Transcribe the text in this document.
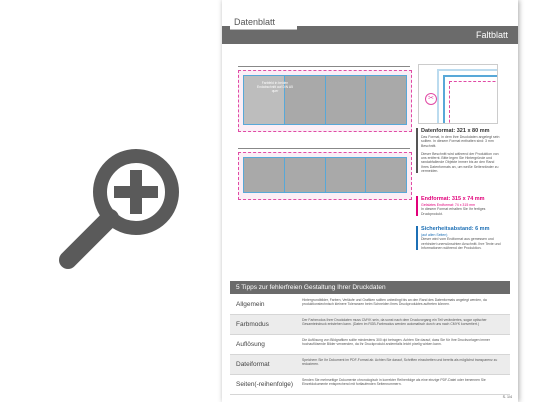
Datenblatt
Faltblatt
Farbfeld in beiden Endabschnitt auf DIN A5 quer
✂
Datenformat: 321 x 80 mm
Das Format, in dem Ihre Druckdaten angelegt sein sollten. In diesem Format enthalten sind: 3 mm Beschnitt.
Dieser Beschnitt wird während der Produktion von uns entfernt. Bitte legen Sie Hintergründe und randabfallende Objekte immer bis an den Rand Ihres Datenformats an, um weiße Seitenränder zu vermeiden.
Endformat: 315 x 74 mm
Gefalztes Endformat: 74 x 315 mm
In diesem Format erhalten Sie Ihr fertiges Druckprodukt.
Sicherheitsabstand: 6 mm
(auf allen Seiten)
Dieser wird vom Endformat aus gemessen und verhindert unerwünschten Anschnitt. Ihre Texte und Informationen während der Produktion.
5 Tipps zur fehlerfreien Gestaltung Ihrer Druckdaten
Allgemein
Hintergrundbilder, Farben, Verläufe und Grafiken sollten unbedingt bis an den Rand des Datenformats angelegt werden, da produktionstechnisch kleinere Toleranzen beim Schneiden Ihres Druckproduktes auftreten können.
Farbmodus
Der Farbmodus Ihrer Druckdaten muss CMYK sein, da sonst nach dem Druckvorgang ein Teil verändertes, sogar optischer Gesamteindruck entstehen kann. (Daten im RGB-Farbmodus werden automatisch durch uns nach CMYK konvertiert.)
Auflösung
Die Auflösung von Bildgrafiken sollte mindestens 300 dpi betragen. Achten Sie darauf, dass Sie für Ihre Druckvorlagen immer hochauflösende Bilder verwenden, da Ihr Druckprodukt andernfalls leicht pixelig wirken kann.
Dateiformat
Speichern Sie Ihr Dokument im PDF-Format ab. Achten Sie darauf, Schriften einzubetten und bereits als möglichst transparenz zu reduzieren.
Seiten(-reihenfolge)
Senden Sie mehrseitige Dokumente chronologisch in korrekter Reihenfolge als eine einzige PDF-Datei oder benennen Sie Einzeldokumente entsprechend mit fortlaufenden Seitennummern.
S. 1/4
